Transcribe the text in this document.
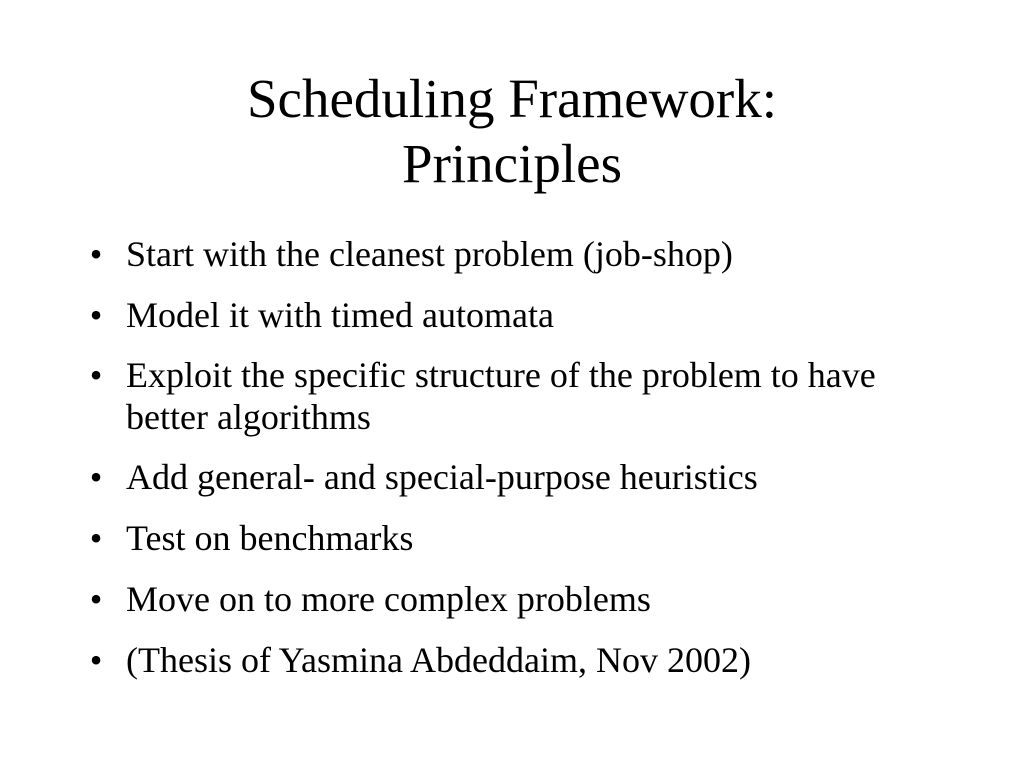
Scheduling Framework:
Principles
• Start with the cleanest problem (job-shop)
• Model it with timed automata
• Exploit the specific structure of the problem to have better algorithms
• Add general- and special-purpose heuristics
• Test on benchmarks
• Move on to more complex problems
• (Thesis of Yasmina Abdeddaim, Nov 2002)
